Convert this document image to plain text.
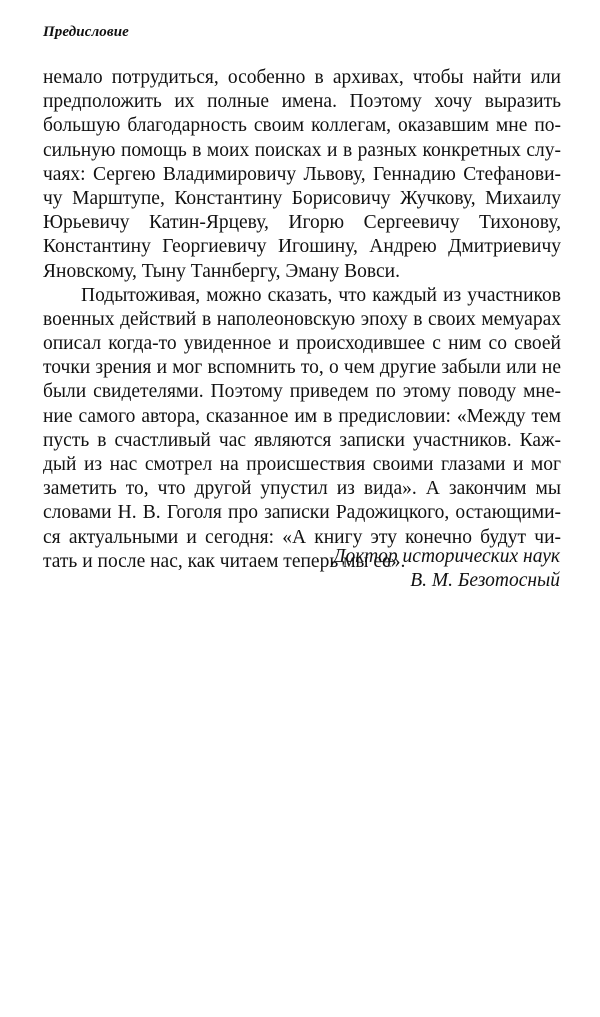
Предисловие
немало потрудиться, особенно в архивах, чтобы найти или
предположить их полные имена. Поэтому хочу выразить
большую благодарность своим коллегам, оказавшим мне по-
сильную помощь в моих поисках и в разных конкретных слу-
чаях: Сергею Владимировичу Львову, Геннадию Стефанови-
чу Марштупе, Константину Борисовичу Жучкову, Михаилу
Юрьевичу Катин-Ярцеву, Игорю Сергеевичу Тихонову,
Константину Георгиевичу Игошину, Андрею Дмитриевичу
Яновскому, Тыну Таннбергу, Эману Вовси.
Подытоживая, можно сказать, что каждый из участников
военных действий в наполеоновскую эпоху в своих мемуарах
описал когда-то увиденное и происходившее с ним со своей
точки зрения и мог вспомнить то, о чем другие забыли или не
были свидетелями. Поэтому приведем по этому поводу мне-
ние самого автора, сказанное им в предисловии: «Между тем
пусть в счастливый час являются записки участников. Каж-
дый из нас смотрел на происшествия своими глазами и мог
заметить то, что другой упустил из вида». А закончим мы
словами Н. В. Гоголя про записки Радожицкого, остающими-
ся актуальными и сегодня: «А книгу эту конечно будут чи-
тать и после нас, как читаем теперь мы ее».
Доктор исторических наук
В. М. Безотосный
